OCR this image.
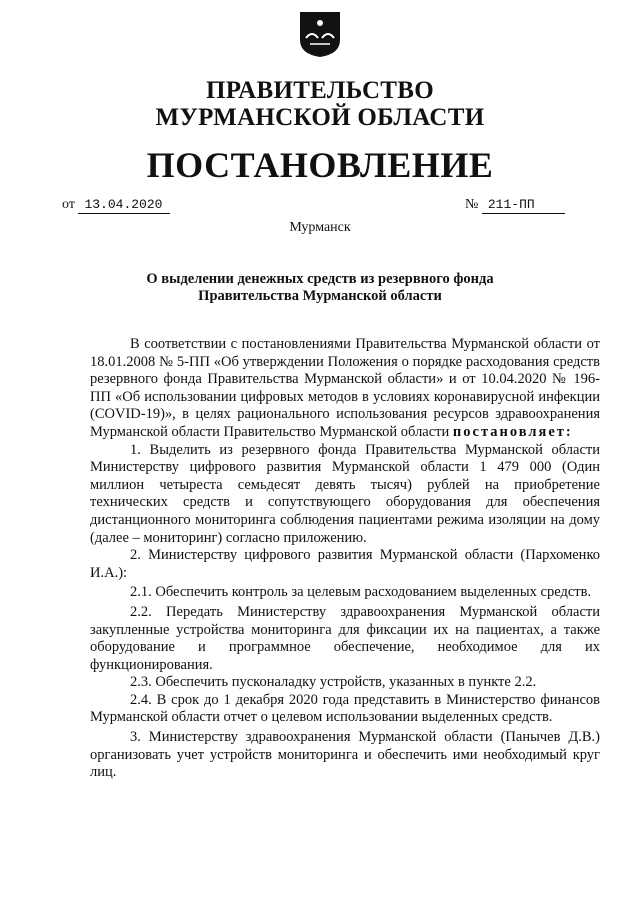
ПРАВИТЕЛЬСТВО
МУРМАНСКОЙ ОБЛАСТИ
ПОСТАНОВЛЕНИЕ
от 13.04.2020	№ 211-ПП
Мурманск
О выделении денежных средств из резервного фонда
Правительства Мурманской области

В соответствии с постановлениями Правительства Мурманской области от 18.01.2008 № 5-ПП «Об утверждении Положения о порядке расходования средств резервного фонда Правительства Мурманской области» и от 10.04.2020 № 196-ПП «Об использовании цифровых методов в условиях коронавирусной инфекции (COVID-19)», в целях рационального использования ресурсов здравоохранения Мурманской области Правительство Мурманской области постановляет:

1. Выделить из резервного фонда Правительства Мурманской области Министерству цифрового развития Мурманской области 1 479 000 (Один миллион четыреста семьдесят девять тысяч) рублей на приобретение технических средств и сопутствующего оборудования для обеспечения дистанционного мониторинга соблюдения пациентами режима изоляции на дому (далее – мониторинг) согласно приложению.

2. Министерству цифрового развития Мурманской области (Пархоменко И.А.):

2.1. Обеспечить контроль за целевым расходованием выделенных средств.

2.2. Передать Министерству здравоохранения Мурманской области закупленные устройства мониторинга для фиксации их на пациентах, а также оборудование и программное обеспечение, необходимое для их функционирования.

2.3. Обеспечить пусконаладку устройств, указанных в пункте 2.2.

2.4. В срок до 1 декабря 2020 года представить в Министерство финансов Мурманской области отчет о целевом использовании выделенных средств.

3. Министерству здравоохранения Мурманской области (Панычев Д.В.) организовать учет устройств мониторинга и обеспечить ими необходимый круг лиц.
